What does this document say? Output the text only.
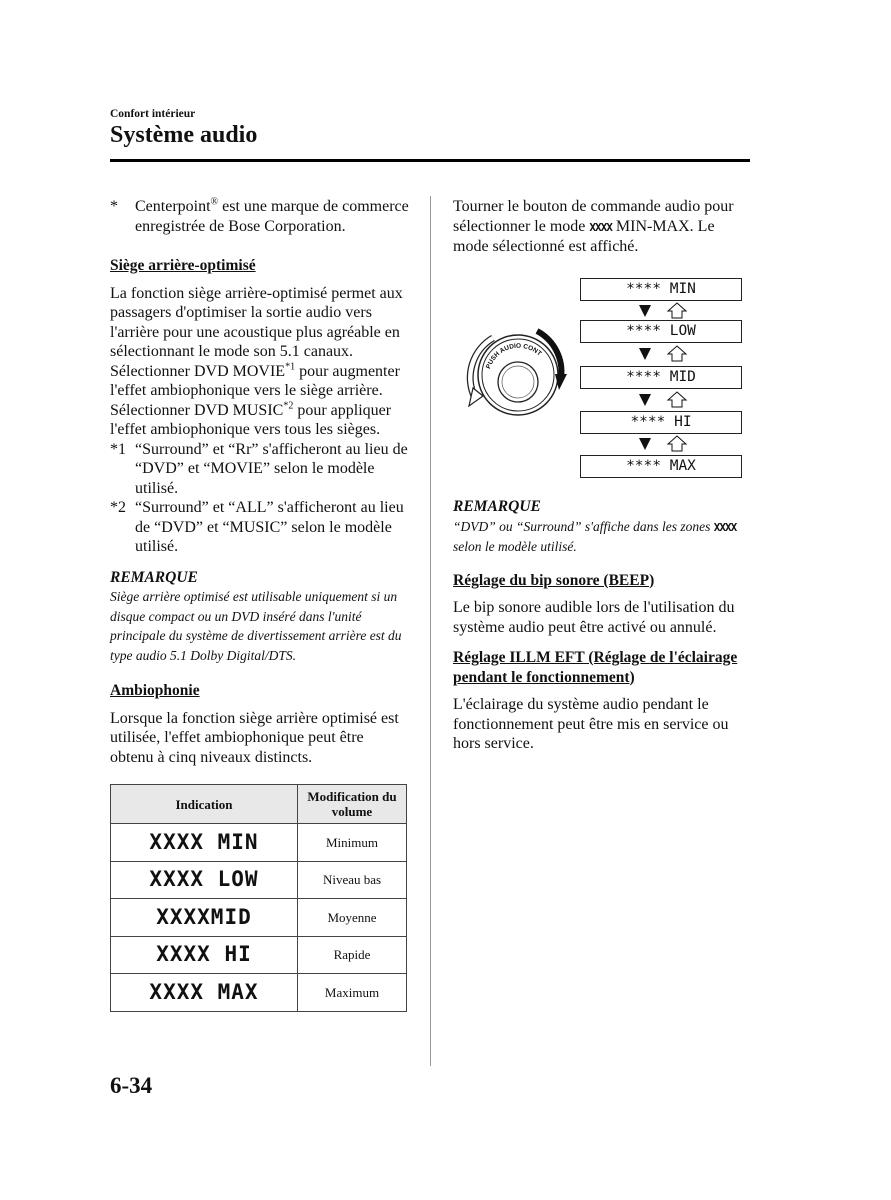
Confort intérieur
Système audio
*	Centerpoint® est une marque de commerce enregistrée de Bose Corporation.
Siège arrière-optimisé

La fonction siège arrière-optimisé permet aux passagers d'optimiser la sortie audio vers l'arrière pour une acoustique plus agréable en sélectionnant le mode son 5.1 canaux.

Sélectionner DVD MOVIE$^{*1}$ pour augmenter l'effet ambiophonique vers le siège arrière. Sélectionner DVD MUSIC$^{*2}$ pour appliquer l'effet ambiophonique vers tous les sièges.

*1 “Surround” et “Rr” s'afficheront au lieu de “DVD” et “MOVIE” selon le modèle utilisé.
*2 “Surround” et “ALL” s'afficheront au lieu de “DVD” et “MUSIC” selon le modèle utilisé.
REMARQUE
Siège arrière optimisé est utilisable uniquement si un disque compact ou un DVD inséré dans l'unité principale du système de divertissement arrière est du type audio 5.1 Dolby Digital/DTS.
Ambiophonie

Lorsque la fonction siège arrière optimisé est utilisée, l'effet ambiophonique peut être obtenu à cinq niveaux distincts.

Indication	Modification du volume
XXXX MIN	Minimum
XXXX LOW	Niveau bas
XXXXMID	Moyenne
XXXX HI	Rapide
XXXX MAX	Maximum

Tourner le bouton de commande audio pour sélectionner le mode XXXX MIN-MAX. Le mode sélectionné est affiché.

PUSH AUDIO CONT
**** MIN
**** LOW
**** MID
**** HI
**** MAX
REMARQUE
“DVD” ou “Surround” s'affiche dans les zones XXXX selon le modèle utilisé.
Réglage du bip sonore (BEEP)

Le bip sonore audible lors de l'utilisation du système audio peut être activé ou annulé.

Réglage ILLM EFT (Réglage de l'éclairage pendant le fonctionnement)

L'éclairage du système audio pendant le fonctionnement peut être mis en service ou hors service.

6-34
